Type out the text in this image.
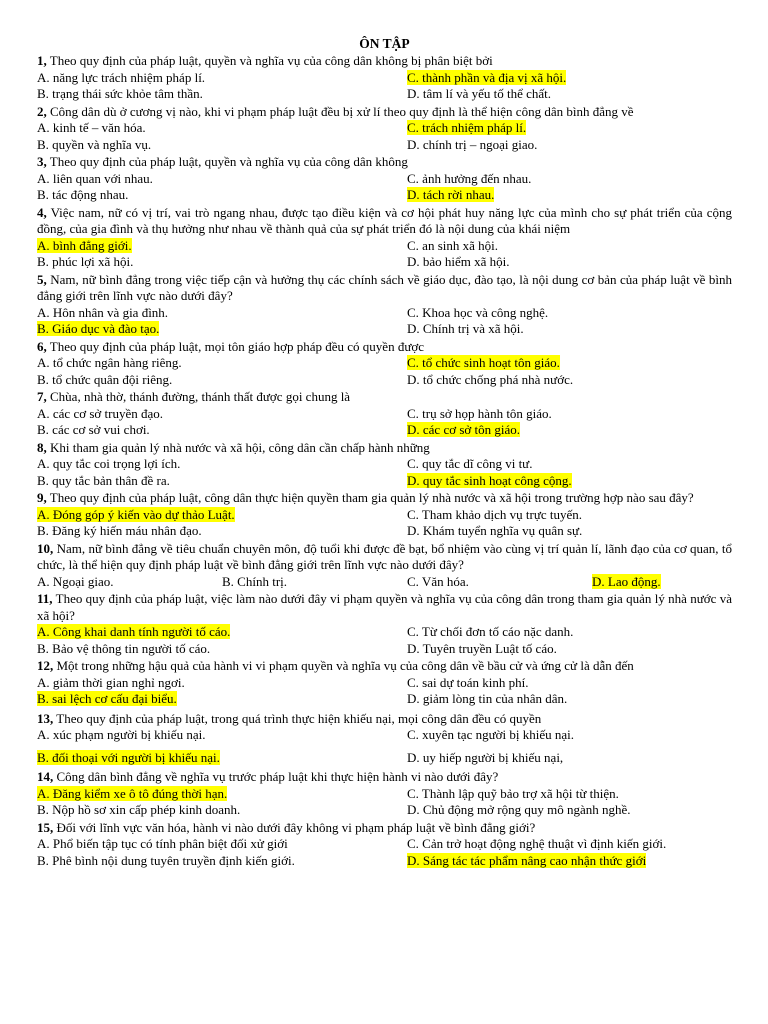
ÔN TẬP
1, Theo quy định của pháp luật, quyền và nghĩa vụ của công dân không bị phân biệt bởi
A. năng lực trách nhiệm pháp lí.	C. thành phần và địa vị xã hội.
B. trạng thái sức khỏe tâm thần.	D. tâm lí và yếu tố thể chất.
2, Công dân dù ở cương vị nào, khi vi phạm pháp luật đều bị xử lí theo quy định là thể hiện công dân bình đẳng về
A. kinh tế – văn hóa.	C. trách nhiệm pháp lí.
B. quyền và nghĩa vụ.	D. chính trị – ngoại giao.
3, Theo quy định của pháp luật, quyền và nghĩa vụ của công dân không
A. liên quan với nhau.	C. ảnh hưởng đến nhau.
B. tác động nhau.	D. tách rời nhau.
4, Việc nam, nữ có vị trí, vai trò ngang nhau, được tạo điều kiện và cơ hội phát huy năng lực của mình cho sự phát triển của cộng đồng, của gia đình và thụ hưởng như nhau về thành quả của sự phát triển đó là nội dung của khái niệm
A. bình đẳng giới.	C. an sinh xã hội.
B. phúc lợi xã hội.	D. bảo hiểm xã hội.
5, Nam, nữ bình đẳng trong việc tiếp cận và hưởng thụ các chính sách về giáo dục, đào tạo, là nội dung cơ bản của pháp luật về bình đẳng giới trên lĩnh vực nào dưới đây?
A. Hôn nhân và gia đình.	C. Khoa học và công nghệ.
B. Giáo dục và đào tạo.	D. Chính trị và xã hội.
6, Theo quy định của pháp luật, mọi tôn giáo hợp pháp đều có quyền được
A. tổ chức ngân hàng riêng.	C. tổ chức sinh hoạt tôn giáo.
B. tổ chức quân đội riêng.	D. tổ chức chống phá nhà nước.
7, Chùa, nhà thờ, thánh đường, thánh thất được gọi chung là
A. các cơ sở truyền đạo.	C. trụ sở họp hành tôn giáo.
B. các cơ sở vui chơi.	D. các cơ sở tôn giáo.
8, Khi tham gia quản lý nhà nước và xã hội, công dân cần chấp hành những
A. quy tắc coi trọng lợi ích.	C. quy tắc dĩ công vi tư.
B. quy tắc bản thân đề ra.	D. quy tắc sinh hoạt công cộng.
9, Theo quy định của pháp luật, công dân thực hiện quyền tham gia quản lý nhà nước và xã hội trong trường hợp nào sau đây?
A. Đóng góp ý kiến vào dự thảo Luật.	C. Tham khảo dịch vụ trực tuyến.
B. Đăng ký hiến máu nhân đạo.	D. Khám tuyển nghĩa vụ quân sự.
10, Nam, nữ bình đẳng về tiêu chuẩn chuyên môn, độ tuổi khi được đề bạt, bổ nhiệm vào cùng vị trí quản lí, lãnh đạo của cơ quan, tổ chức, là thể hiện quy định pháp luật về bình đẳng giới trên lĩnh vực nào dưới đây?
A. Ngoại giao.	B. Chính trị.	C. Văn hóa.	D. Lao động.
11, Theo quy định của pháp luật, việc làm nào dưới đây vi phạm quyền và nghĩa vụ của công dân trong tham gia quản lý nhà nước và xã hội?
A. Công khai danh tính người tố cáo.	C. Từ chối đơn tố cáo nặc danh.
B. Bảo vệ thông tin người tố cáo.	D. Tuyên truyền Luật tố cáo.
12, Một trong những hậu quả của hành vi vi phạm quyền và nghĩa vụ của công dân về bầu cử và ứng cử là dẫn đến
A. giảm thời gian nghỉ ngơi.	C. sai dự toán kinh phí.
B. sai lệch cơ cấu đại biểu.	D. giảm lòng tin của nhân dân.
13, Theo quy định của pháp luật, trong quá trình thực hiện khiếu nại, mọi công dân đều có quyền
A. xúc phạm người bị khiếu nại.	C. xuyên tạc người bị khiếu nại.
B. đối thoại với người bị khiếu nại.	D. uy hiếp người bị khiếu nại,
14, Công dân bình đẳng về nghĩa vụ trước pháp luật khi thực hiện hành vi nào dưới đây?
A. Đăng kiểm xe ô tô đúng thời hạn.	C. Thành lập quỹ bảo trợ xã hội từ thiện.
B. Nộp hồ sơ xin cấp phép kinh doanh.	D. Chủ động mở rộng quy mô ngành nghề.
15, Đối với lĩnh vực văn hóa, hành vi nào dưới đây không vi phạm pháp luật về bình đẳng giới?
A. Phổ biến tập tục có tính phân biệt đối xử giới	C. Cản trở hoạt động nghệ thuật vì định kiến giới.
B. Phê bình nội dung tuyên truyền định kiến giới.	D. Sáng tác tác phẩm nâng cao nhận thức giới
